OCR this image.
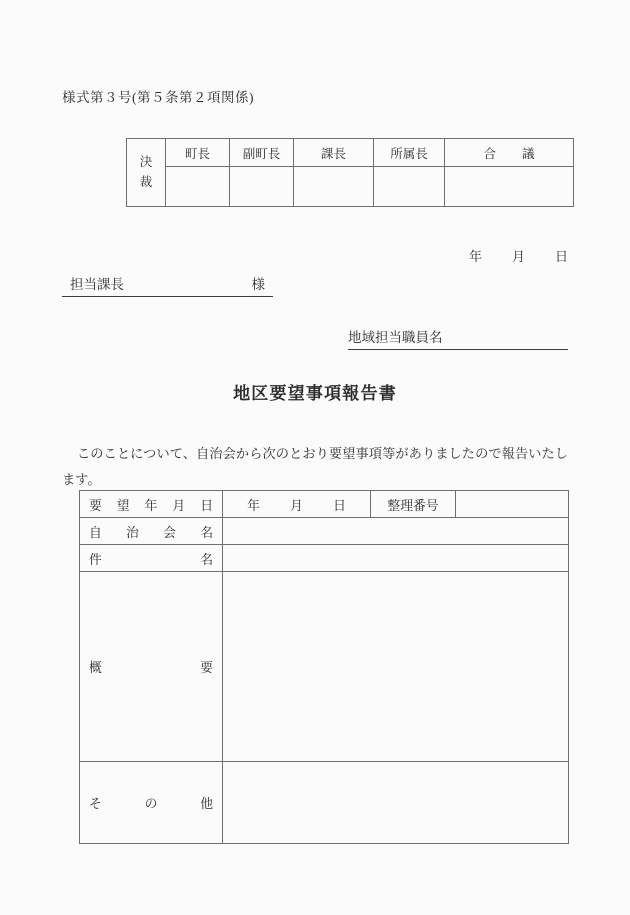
様式第３号(第５条第２項関係)
決
裁	町長	副町長	課長	所属長	合 議

年 月 日
担当課長	様
地域担当職員名
地区要望事項報告書
このことについて、自治会から次のとおり要望事項等がありましたので報告いたします。
要 望 年 月 日	年 月 日	整理番号	

自 治 会 名			

件 名			

概 要			

そ の 他			
